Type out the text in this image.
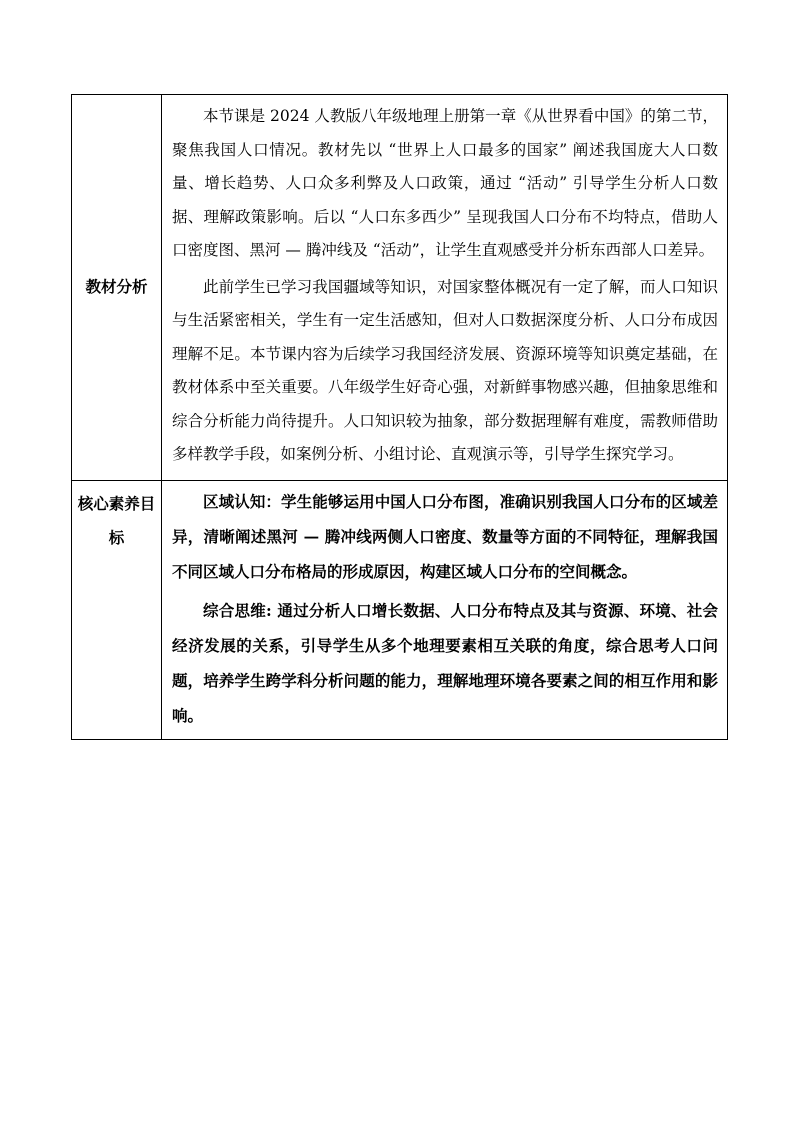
教材分析	本节课是 2024 人教版八年级地理上册第一章《从世界看中国》的第二节，聚焦我国人口情况。教材先以 “世界上人口最多的国家” 阐述我国庞大人口数量、增长趋势、人口众多利弊及人口政策，通过 “活动” 引导学生分析人口数据、理解政策影响。后以 “人口东多西少” 呈现我国人口分布不均特点，借助人口密度图、黑河 — 腾冲线及 “活动”，让学生直观感受并分析东西部人口差异。

此前学生已学习我国疆域等知识，对国家整体概况有一定了解，而人口知识与生活紧密相关，学生有一定生活感知，但对人口数据深度分析、人口分布成因理解不足。本节课内容为后续学习我国经济发展、资源环境等知识奠定基础，在教材体系中至关重要。八年级学生好奇心强，对新鲜事物感兴趣，但抽象思维和综合分析能力尚待提升。人口知识较为抽象，部分数据理解有难度，需教师借助多样教学手段，如案例分析、小组讨论、直观演示等，引导学生探究学习。

核心素养目标	区域认知：学生能够运用中国人口分布图，准确识别我国人口分布的区域差异，清晰阐述黑河 — 腾冲线两侧人口密度、数量等方面的不同特征，理解我国不同区域人口分布格局的形成原因，构建区域人口分布的空间概念。

综合思维: 通过分析人口增长数据、人口分布特点及其与资源、环境、社会经济发展的关系，引导学生从多个地理要素相互关联的角度，综合思考人口问题，培养学生跨学科分析问题的能力，理解地理环境各要素之间的相互作用和影响。
